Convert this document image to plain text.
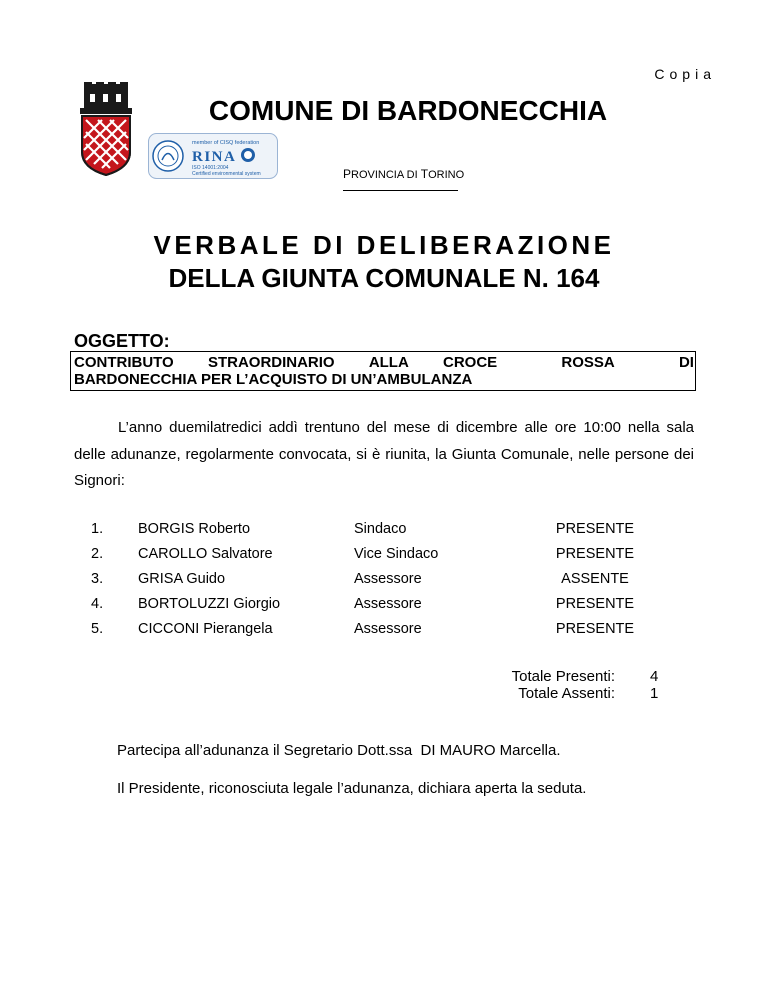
Copia
COMUNE DI BARDONECCHIA
member of CISQ federation
RINA
ISO 14001:2004
Certified environmental system	PROVINCIA DI TORINO
VERBALE DI DELIBERAZIONE
DELLA GIUNTA COMUNALE N. 164
OGGETTO:
CONTRIBUTO STRAORDINARIO ALLA CROCE	ROSSA	DI
BARDONECCHIA PER L’ACQUISTO DI UN’AMBULANZA
L’anno duemilatredici addì trentuno del mese di dicembre alle ore 10:00 nella sala delle adunanze, regolarmente convocata, si è riunita, la Giunta Comunale, nelle persone dei Signori:
1. BORGIS Roberto	Sindaco	PRESENTE
2. CAROLLO Salvatore	Vice Sindaco	PRESENTE
3. GRISA Guido	Assessore	ASSENTE
4. BORTOLUZZI Giorgio	Assessore	PRESENTE
5. CICCONI Pierangela	Assessore	PRESENTE
Totale Presenti: 4
Totale Assenti: 1
Partecipa all’adunanza il Segretario Dott.ssa  DI MAURO Marcella.
Il Presidente, riconosciuta legale l’adunanza, dichiara aperta la seduta.
